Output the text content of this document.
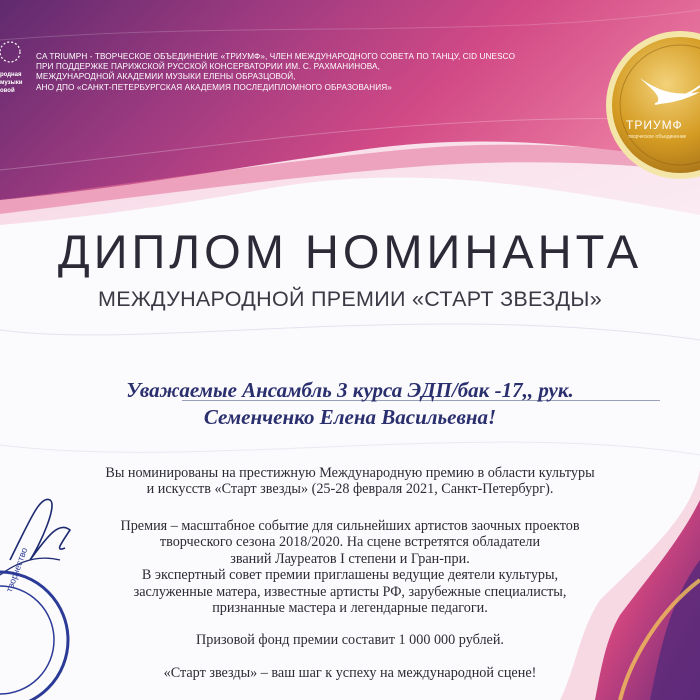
родная
музыки
овой
CA TRIUMPH - ТВОРЧЕСКОЕ ОБЪЕДИНЕНИЕ «ТРИУМФ», ЧЛЕН МЕЖДУНАРОДНОГО СОВЕТА ПО ТАНЦУ, CID UNESCO
ПРИ ПОДДЕРЖКЕ ПАРИЖСКОЙ РУССКОЙ КОНСЕРВАТОРИИ ИМ. С. РАХМАНИНОВА,
МЕЖДУНАРОДНОЙ АКАДЕМИИ МУЗЫКИ ЕЛЕНЫ ОБРАЗЦОВОЙ,
АНО ДПО «САНКТ-ПЕТЕРБУРГСКАЯ АКАДЕМИЯ ПОСЛЕДИПЛОМНОГО ОБРАЗОВАНИЯ»
ТРИУМФ
творческое объединение
ДИПЛОМ НОМИНАНТА
МЕЖДУНАРОДНОЙ ПРЕМИИ «СТАРТ ЗВЕЗДЫ»
Уважаемые Ансамбль 3 курса ЭДП/бак -17,, рук.
Семенченко Елена Васильевна!
Вы номинированы на престижную Международную премию в области культуры
и искусств «Старт звезды» (25-28 февраля 2021, Санкт-Петербург).
Премия – масштабное событие для сильнейших артистов заочных проектов
творческого сезона 2018/2020. На сцене встретятся обладатели
званий Лауреатов I степени и Гран-при.
В экспертный совет премии приглашены ведущие деятели культуры,
заслуженные матера, известные артисты РФ, зарубежные специалисты,
признанные мастера и легендарные педагоги.
Призовой фонд премии составит 1 000 000 рублей.
«Старт звезды» – ваш шаг к успеху на международной сцене!
творчество
